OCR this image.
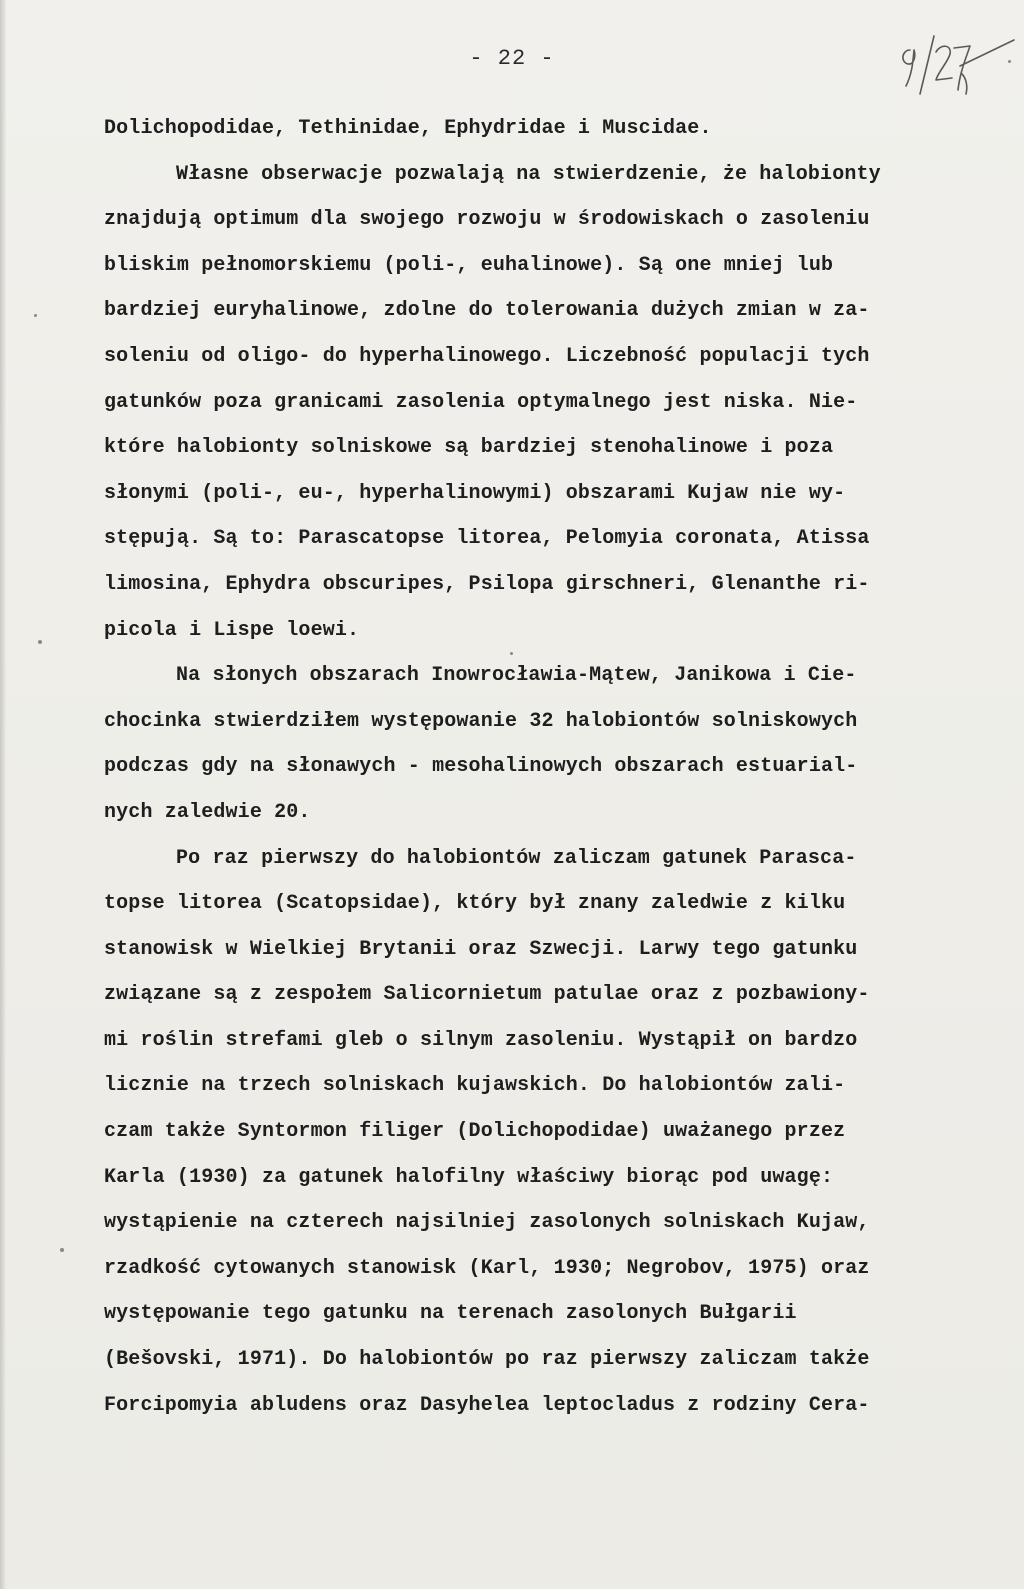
- 22 -
Dolichopodidae, Tethinidae, Ephydridae i Muscidae.
Własne obserwacje pozwalają na stwierdzenie, że halobionty
znajdują optimum dla swojego rozwoju w środowiskach o zasoleniu
bliskim pełnomorskiemu (poli-, euhalinowe). Są one mniej lub
bardziej euryhalinowe, zdolne do tolerowania dużych zmian w za-
soleniu od oligo- do hyperhalinowego. Liczebność populacji tych
gatunków poza granicami zasolenia optymalnego jest niska. Nie-
które halobionty solniskowe są bardziej stenohalinowe i poza
słonymi (poli-, eu-, hyperhalinowymi) obszarami Kujaw nie wy-
stępują. Są to: Parascatopse litorea, Pelomyia coronata, Atissa
limosina, Ephydra obscuripes, Psilopa girschneri, Glenanthe ri-
picola i Lispe loewi.
Na słonych obszarach Inowrocławia-Mątew, Janikowa i Cie-
chocinka stwierdziłem występowanie 32 halobiontów solniskowych
podczas gdy na słonawych - mesohalinowych obszarach estuarial-
nych zaledwie 20.
Po raz pierwszy do halobiontów zaliczam gatunek Parasca-
topse litorea (Scatopsidae), który był znany zaledwie z kilku
stanowisk w Wielkiej Brytanii oraz Szwecji. Larwy tego gatunku
związane są z zespołem Salicornietum patulae oraz z pozbawiony-
mi roślin strefami gleb o silnym zasoleniu. Wystąpił on bardzo
licznie na trzech solniskach kujawskich. Do halobiontów zali-
czam także Syntormon filiger (Dolichopodidae) uważanego przez
Karla (1930) za gatunek halofilny właściwy biorąc pod uwagę:
wystąpienie na czterech najsilniej zasolonych solniskach Kujaw,
rzadkość cytowanych stanowisk (Karl, 1930; Negrobov, 1975) oraz
występowanie tego gatunku na terenach zasolonych Bułgarii
(Bešovski, 1971). Do halobiontów po raz pierwszy zaliczam także
Forcipomyia abludens oraz Dasyhelea leptocladus z rodziny Cera-
